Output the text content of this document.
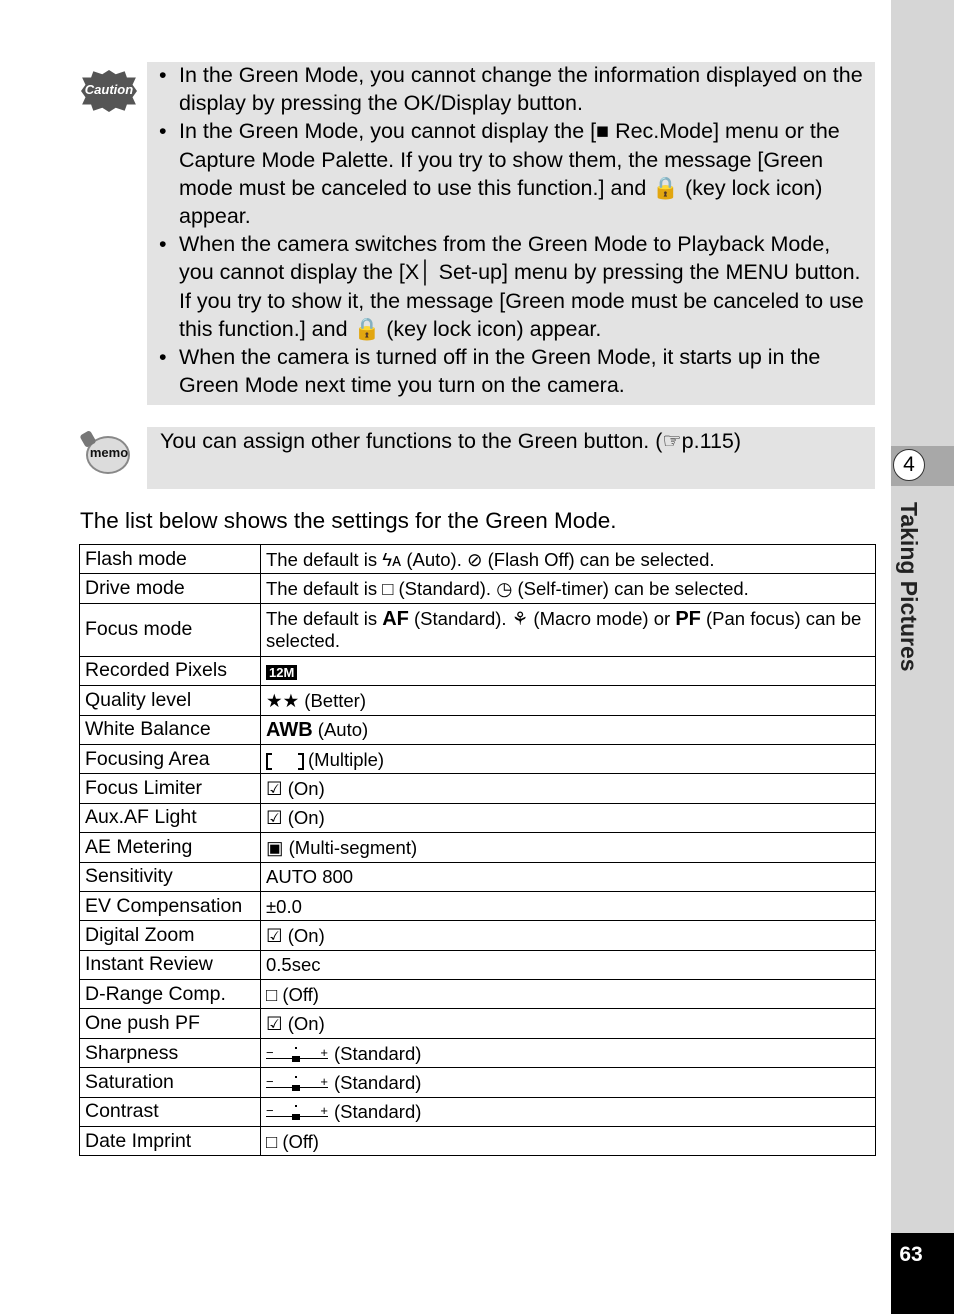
4
Taking Pictures
63
Caution
• In the Green Mode, you cannot change the information displayed on the display by pressing the OK/Display button.
• In the Green Mode, you cannot display the [■ Rec.Mode] menu or the Capture Mode Palette. If you try to show them, the message [Green mode must be canceled to use this function.] and 🔒 (key lock icon) appear.
• When the camera switches from the Green Mode to Playback Mode, you cannot display the [X│ Set-up] menu by pressing the MENU button. If you try to show it, the message [Green mode must be canceled to use this function.] and 🔒 (key lock icon) appear.
• When the camera is turned off in the Green Mode, it starts up in the Green Mode next time you turn on the camera.
memo You can assign other functions to the Green button. (☞p.115)
The list below shows the settings for the Green Mode.
Flash mode	The default is ϟᴀ (Auto). ⊘ (Flash Off) can be selected.
Drive mode	The default is □ (Standard). ◷ (Self-timer) can be selected.
Focus mode	The default is AF (Standard). ⚘ (Macro mode) or PF (Pan focus) can be selected.
Recorded Pixels	12M
Quality level	★★ (Better)
White Balance	AWB (Auto)
Focusing Area	(Multiple)
Focus Limiter	☑ (On)
Aux.AF Light	☑ (On)
AE Metering	▣ (Multi-segment)
Sensitivity	AUTO 800
EV Compensation	±0.0
Digital Zoom	☑ (On)
Instant Review	0.5sec
D-Range Comp.	□ (Off)
One push PF	☑ (On)
Sharpness	− + (Standard)
Saturation	− + (Standard)
Contrast	− + (Standard)
Date Imprint	□ (Off)
